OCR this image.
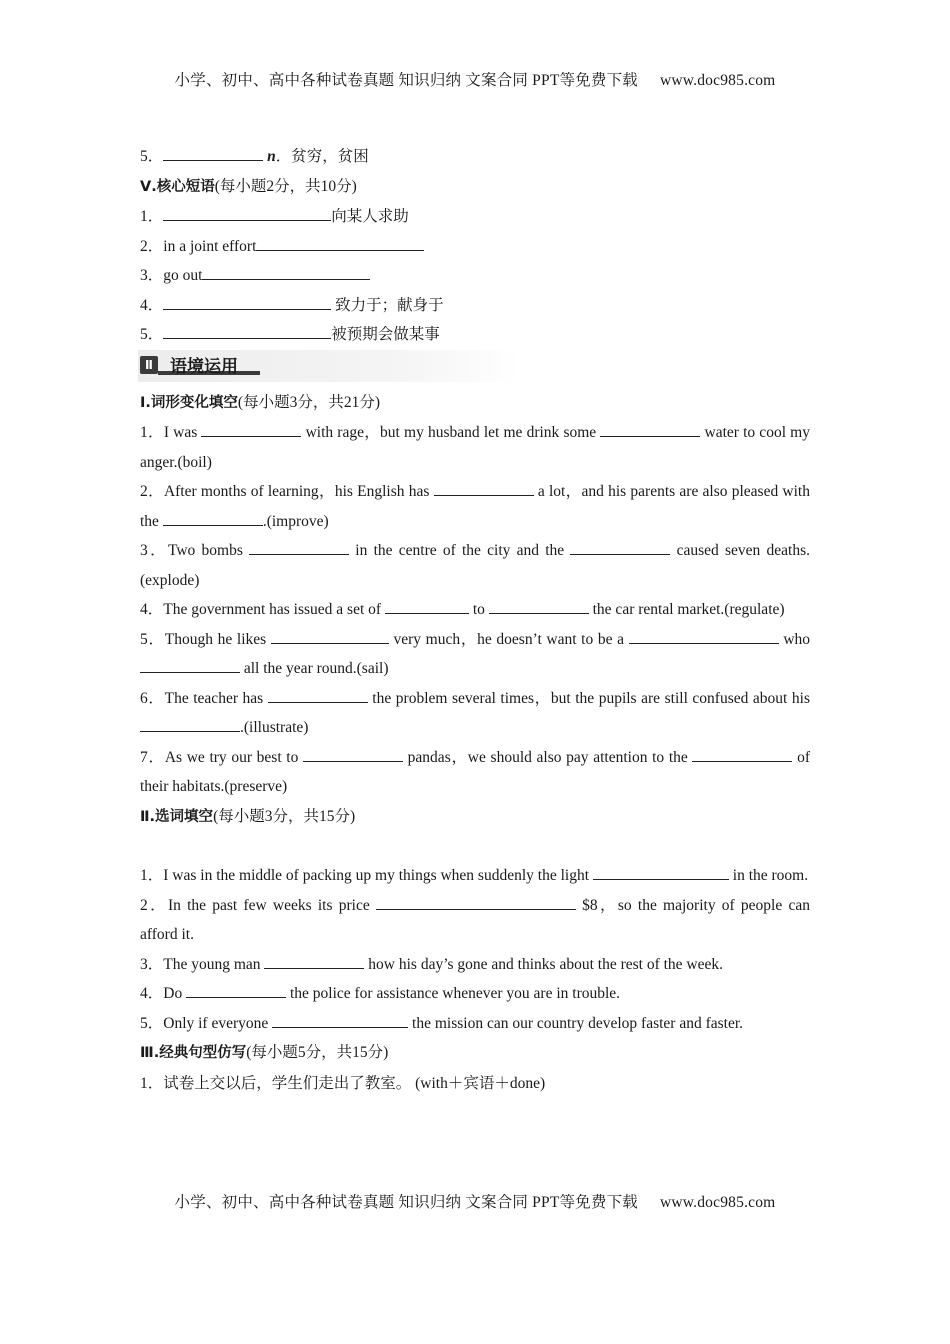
小学、初中、高中各种试卷真题 知识归纳 文案合同 PPT等免费下载 www.doc985.com
5．	n．贫穷，贫困
Ⅴ.核心短语(每小题2分，共10分)
1．	向某人求助
2．in a joint effort
3．go out
4．	致力于；献身于
5．	被预期会做某事
Ⅱ 语境运用
Ⅰ.词形变化填空(每小题3分，共21分)
1．I was	with rage，but my husband let me drink some	water to cool my anger.(boil)
2．After months of learning，his English has	a lot，and his parents are also pleased with the	.(improve)
3．Two bombs	in the centre of the city and the	caused seven deaths.(explode)
4．The government has issued a set of	to	the car rental market.(regulate)
5．Though he likes	very much，he doesn’t want to be a	who  all the year round.(sail)
6．The teacher has	the problem several times，but the pupils are still confused about his .(illustrate)
7．As we try our best to	pandas，we should also pay attention to the	of their habitats.(preserve)
Ⅱ.选词填空(每小题3分，共15分)
1．I was in the middle of packing up my things when suddenly the light	in the room.
2．In the past few weeks its price	$8，so the majority of people can afford it.
3．The young man	how his day’s gone and thinks about the rest of the week.
4．Do	the police for assistance whenever you are in trouble.
5．Only if everyone	the mission can our country develop faster and faster.
Ⅲ.经典句型仿写(每小题5分，共15分)
1．试卷上交以后，学生们走出了教室。 (with＋宾语＋done)
小学、初中、高中各种试卷真题 知识归纳 文案合同 PPT等免费下载 www.doc985.com
